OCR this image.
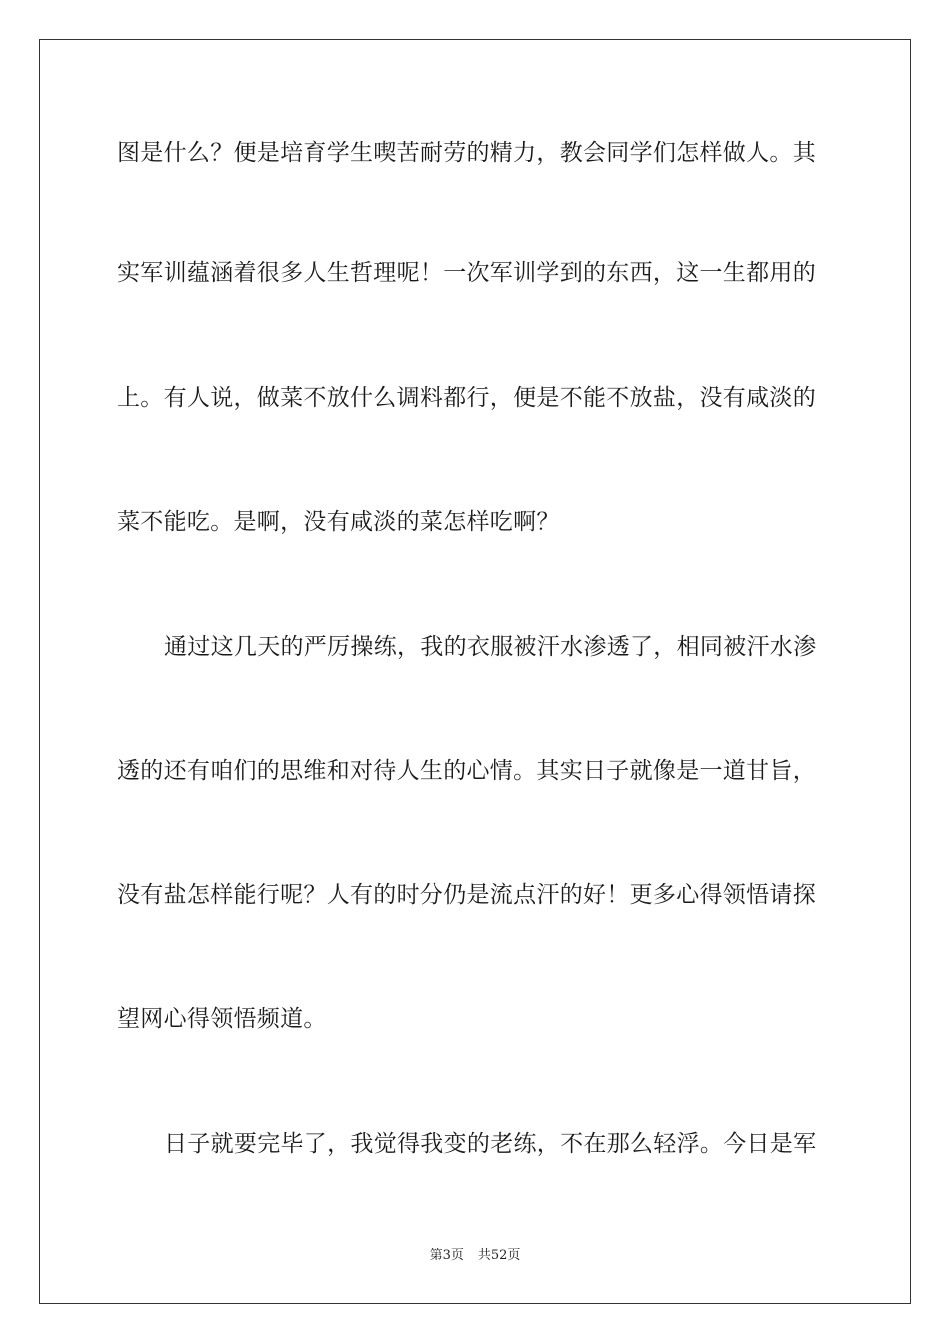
图是什么？便是培育学生喫苦耐劳的精力，教会同学们怎样做人。其
实军训蕴涵着很多人生哲理呢！一次军训学到的东西，这一生都用的
上。有人说，做菜不放什么调料都行，便是不能不放盐，没有咸淡的
菜不能吃。是啊，没有咸淡的菜怎样吃啊？
通过这几天的严厉操练，我的衣服被汗水渗透了，相同被汗水渗
透的还有咱们的思维和对待人生的心情。其实日子就像是一道甘旨，
没有盐怎样能行呢？人有的时分仍是流点汗的好！更多心得领悟请探
望网心得领悟频道。
日子就要完毕了，我觉得我变的老练，不在那么轻浮。今日是军
第3页 共52页
